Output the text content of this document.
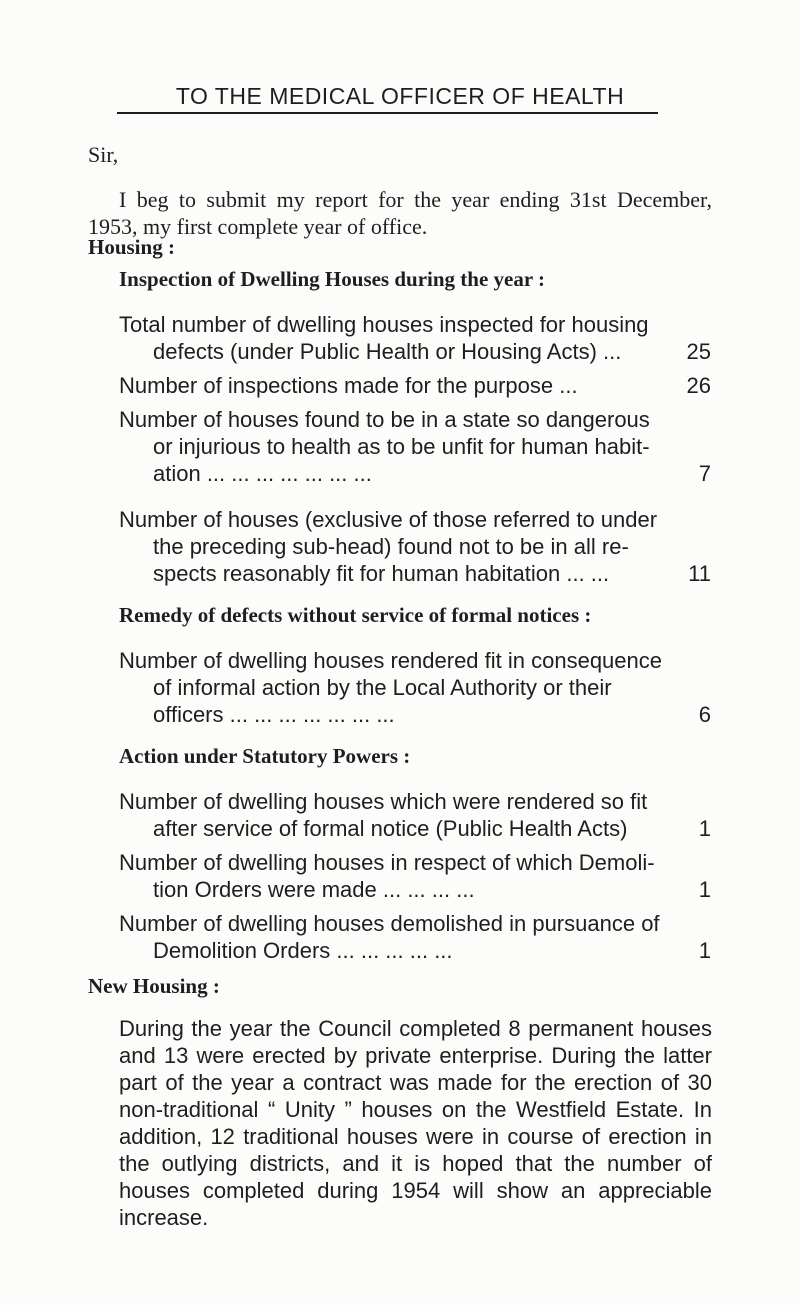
TO THE MEDICAL OFFICER OF HEALTH
Sir,
I beg to submit my report for the year ending 31st December, 1953, my first complete year of office.
Housing :
Inspection of Dwelling Houses during the year :
Total number of dwelling houses inspected for housing defects (under Public Health or Housing Acts) ...	25
Number of inspections made for the purpose ...	26
Number of houses found to be in a state so dangerous or injurious to health as to be unfit for human habitation ... ... ... ... ... ... ...	7
Number of houses (exclusive of those referred to under the preceding sub-head) found not to be in all respects reasonably fit for human habitation ... ...	11
Remedy of defects without service of formal notices :
Number of dwelling houses rendered fit in consequence of informal action by the Local Authority or their officers ... ... ... ... ... ... ...	6
Action under Statutory Powers :
Number of dwelling houses which were rendered so fit after service of formal notice (Public Health Acts)	1
Number of dwelling houses in respect of which Demolition Orders were made ... ... ... ...	1
Number of dwelling houses demolished in pursuance of Demolition Orders ... ... ... ... ...	1
New Housing :
During the year the Council completed 8 permanent houses and 13 were erected by private enterprise. During the latter part of the year a contract was made for the erection of 30 non-traditional “ Unity ” houses on the Westfield Estate. In addition, 12 traditional houses were in course of erection in the outlying districts, and it is hoped that the number of houses completed during 1954 will show an appreciable increase.
